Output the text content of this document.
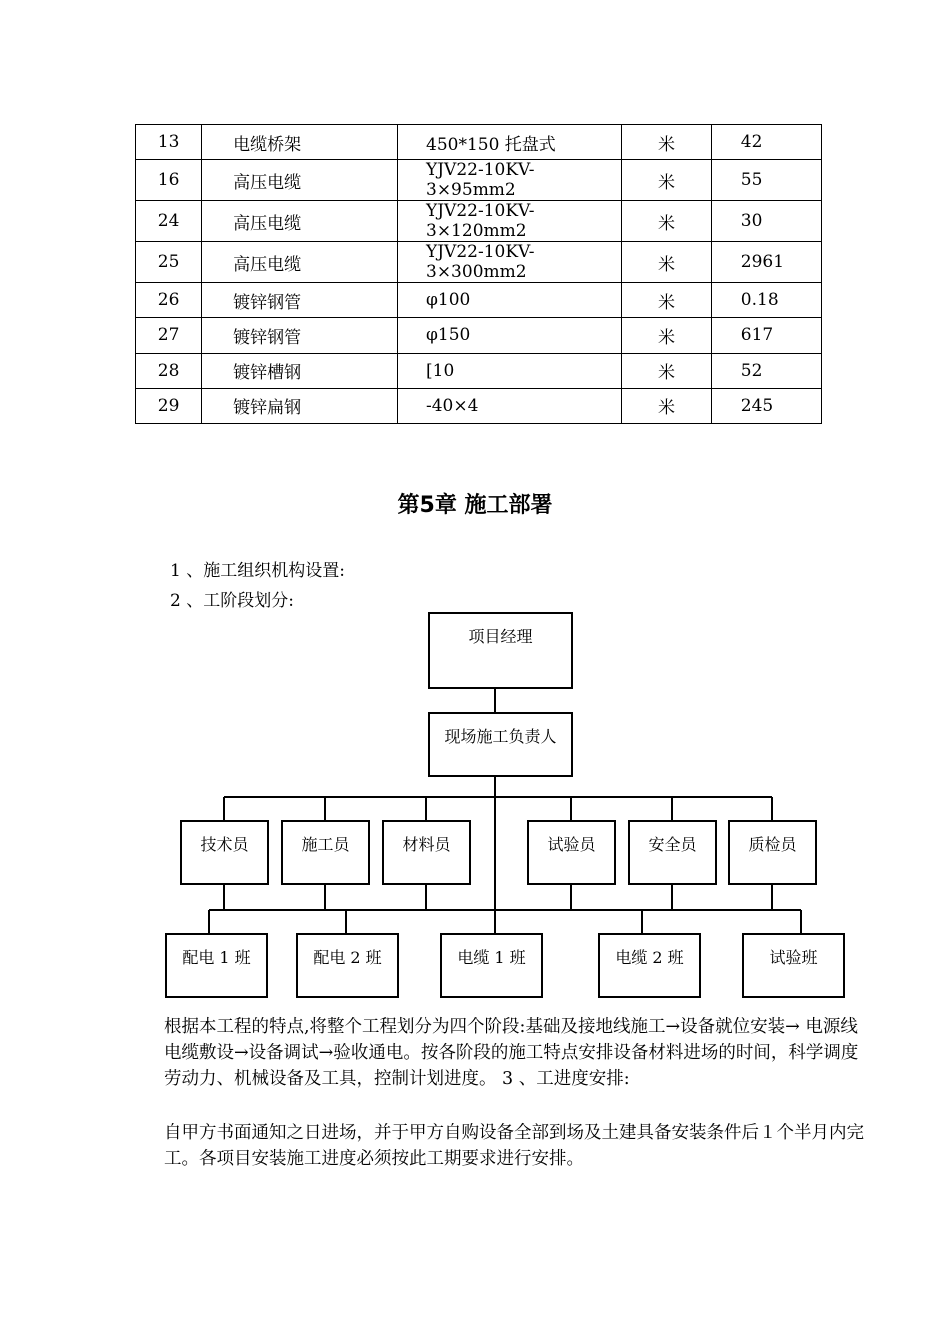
13	电缆桥架	450*150 托盘式	米	42
16	高压电缆	YJV22-10KV-3×95mm2	米	55
24	高压电缆	YJV22-10KV-3×120mm2	米	30
25	高压电缆	YJV22-10KV-3×300mm2	米	2961
26	镀锌钢管	φ100	米	0.18
27	镀锌钢管	φ150	米	617
28	镀锌槽钢	[10	米	52
29	镀锌扁钢	-40×4	米	245
第5章 施工部署
1 、施工组织机构设置:
2 、工阶段划分:
项目经理
现场施工负责人
技术员	施工员	材料员	试验员	安全员	质检员
配电 1 班	配电 2 班	电缆 1 班	电缆 2 班	试验班
根据本工程的特点,将整个工程划分为四个阶段:基础及接地线施工→设备就位安装→ 电源线电缆敷设→设备调试→验收通电。按各阶段的施工特点安排设备材料进场的时间，科学调度劳动力、机械设备及工具，控制计划进度。 3 、工进度安排:
自甲方书面通知之日进场，并于甲方自购设备全部到场及土建具备安装条件后１个半月内完工。各项目安装施工进度必须按此工期要求进行安排。
